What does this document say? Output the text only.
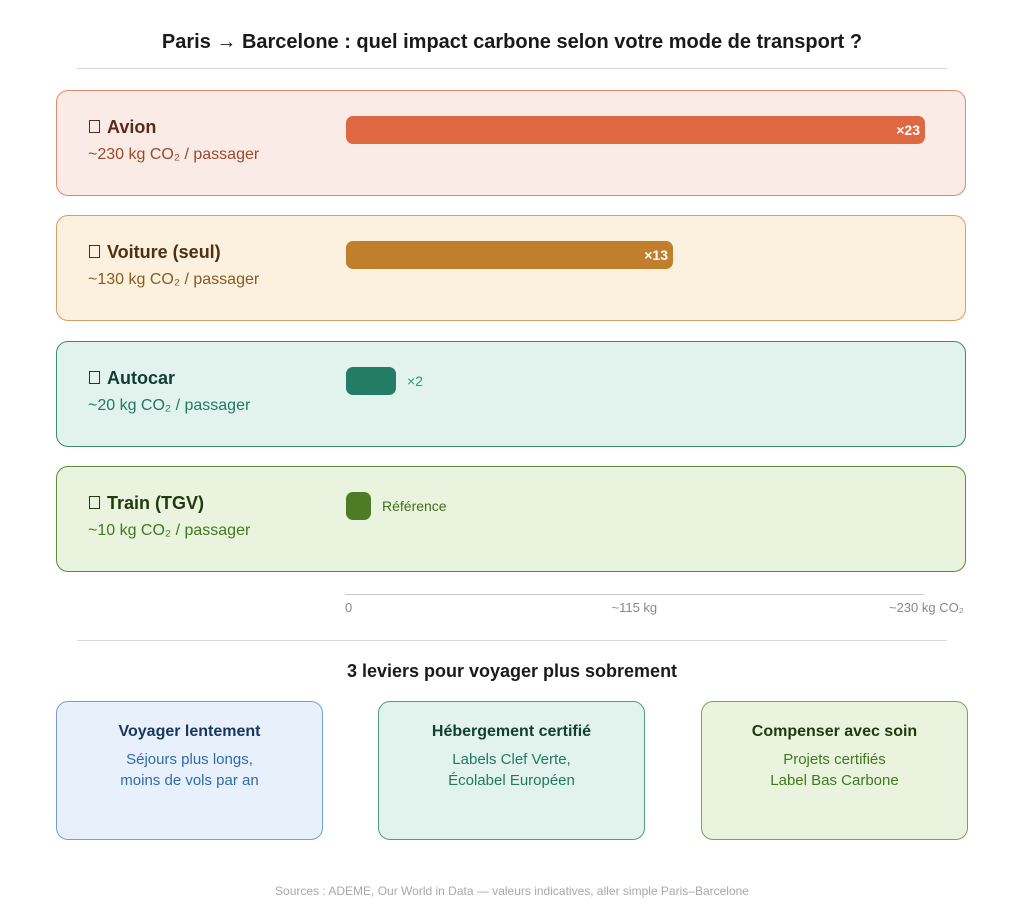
Paris → Barcelone : quel impact carbone selon votre mode de transport ?
Avion
~230 kg CO₂ / passager
×23
Voiture (seul)
~130 kg CO₂ / passager
×13
Autocar
~20 kg CO₂ / passager
×2
Train (TGV)
~10 kg CO₂ / passager
Référence
0	~115 kg	~230 kg CO₂
3 leviers pour voyager plus sobrement
Voyager lentement
Séjours plus longs,
moins de vols par an
Hébergement certifié
Labels Clef Verte,
Écolabel Européen
Compenser avec soin
Projets certifiés
Label Bas Carbone
Sources : ADEME, Our World in Data — valeurs indicatives, aller simple Paris–Barcelone
